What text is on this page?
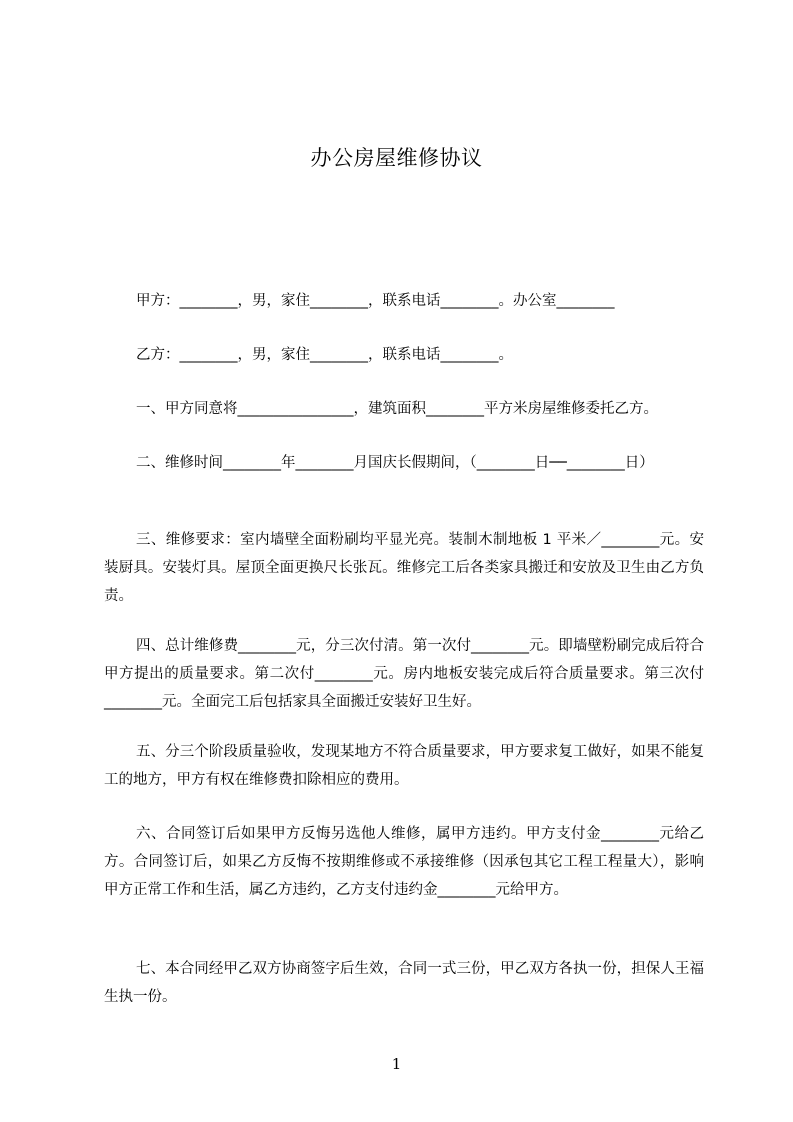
办公房屋维修协议
甲方：________，男，家住________，联系电话________。办公室________
乙方：________，男，家住________，联系电话________。
一、甲方同意将________________，建筑面积________平方米房屋维修委托乙方。
二、维修时间________年________月国庆长假期间，（________日──________日）
三、维修要求：室内墙壁全面粉刷均平显光亮。装制木制地板 1 平米／________元。安装厨具。安装灯具。屋顶全面更换尺长张瓦。维修完工后各类家具搬迁和安放及卫生由乙方负责。
四、总计维修费________元，分三次付清。第一次付________元。即墙壁粉刷完成后符合甲方提出的质量要求。第二次付________元。房内地板安装完成后符合质量要求。第三次付________元。全面完工后包括家具全面搬迁安装好卫生好。
五、分三个阶段质量验收，发现某地方不符合质量要求，甲方要求复工做好，如果不能复工的地方，甲方有权在维修费扣除相应的费用。
六、合同签订后如果甲方反悔另选他人维修，属甲方违约。甲方支付金________元给乙方。合同签订后，如果乙方反悔不按期维修或不承接维修（因承包其它工程工程量大），影响甲方正常工作和生活，属乙方违约，乙方支付违约金________元给甲方。
七、本合同经甲乙双方协商签字后生效，合同一式三份，甲乙双方各执一份，担保人王福生执一份。
1
